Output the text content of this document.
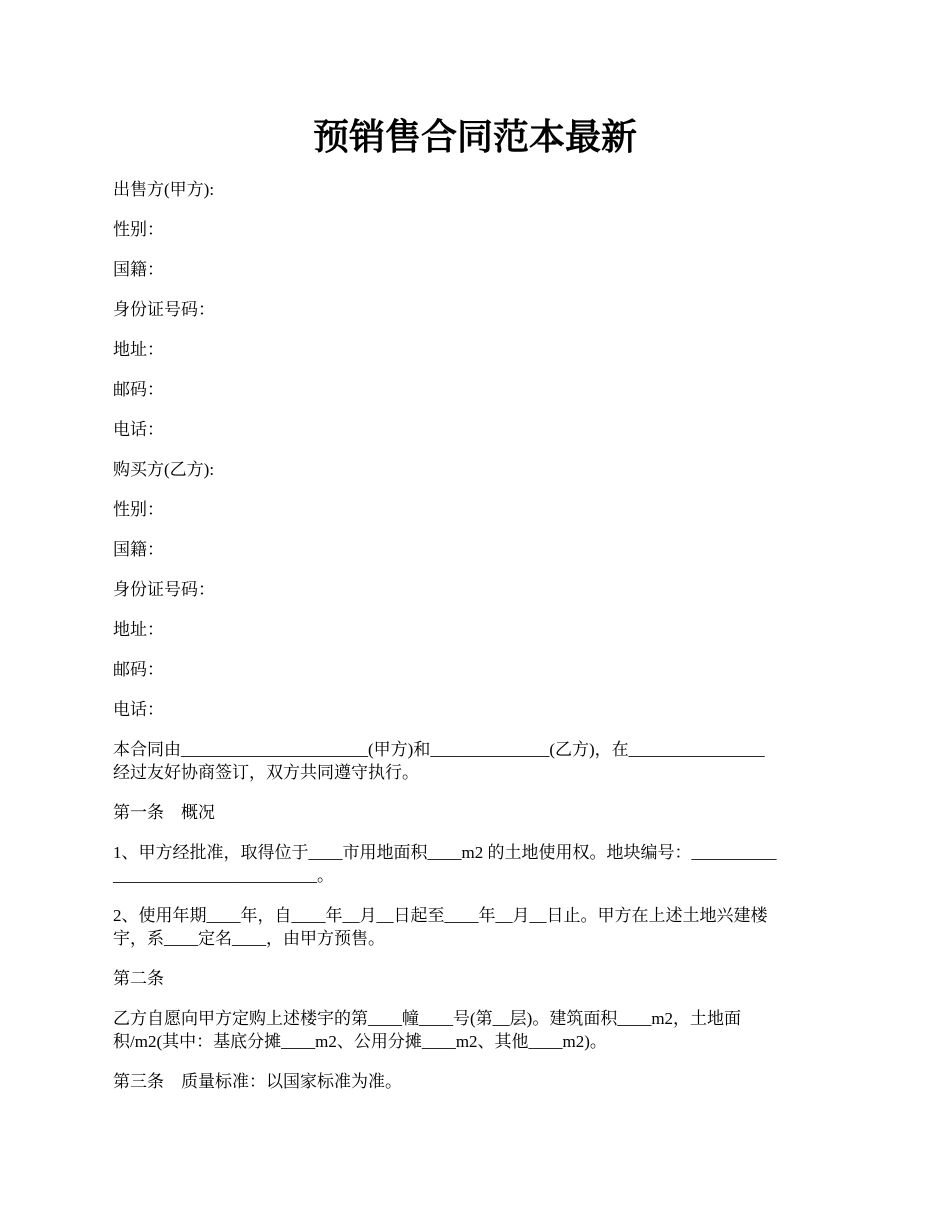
预销售合同范本最新

出售方(甲方):

性别：

国籍：

身份证号码：

地址：

邮码：

电话：

购买方(乙方):

性别：

国籍：

身份证号码：

地址：

邮码：

电话：

本合同由______________________(甲方)和______________(乙方)，在________________
经过友好协商签订，双方共同遵守执行。

第一条　概况

1、甲方经批准，取得位于____市用地面积____m2 的土地使用权。地块编号：__________
________________________。

2、使用年期____年，自____年__月__日起至____年__月__日止。甲方在上述土地兴建楼
宇，系____定名____，由甲方预售。

第二条

乙方自愿向甲方定购上述楼宇的第____幢____号(第__层)。建筑面积____m2，土地面
积/m2(其中：基底分摊____m2、公用分摊____m2、其他____m2)。

第三条　质量标准：以国家标准为准。
